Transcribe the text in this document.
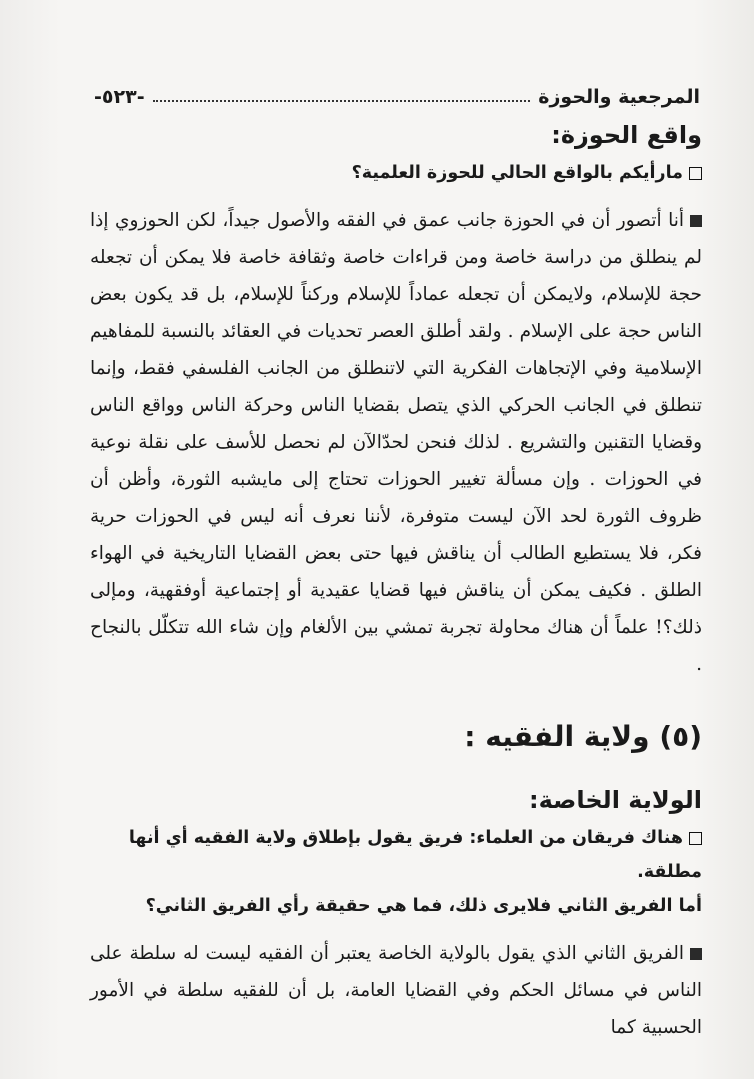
المرجعية والحوزة
-٥٢٣-
واقع الحوزة:

مارأيكم بالواقع الحالي للحوزة العلمية؟

أنا أتصور أن في الحوزة جانب عمق في الفقه والأصول جيداً، لكن الحوزوي إذا لم ينطلق من دراسة خاصة ومن قراءات خاصة وثقافة خاصة فلا يمكن أن تجعله حجة للإسلام، ولايمكن أن تجعله عماداً للإسلام وركناً للإسلام، بل قد يكون بعض الناس حجة على الإسلام . ولقد أطلق العصر تحديات في العقائد بالنسبة للمفاهيم الإسلامية وفي الإتجاهات الفكرية التي لاتنطلق من الجانب الفلسفي فقط، وإنما تنطلق في الجانب الحركي الذي يتصل بقضايا الناس وحركة الناس وواقع الناس وقضايا التقنين والتشريع . لذلك فنحن لحدّالآن لم نحصل للأسف على نقلة نوعية في الحوزات . وإن مسألة تغيير الحوزات تحتاج إلى مايشبه الثورة، وأظن أن ظروف الثورة لحد الآن ليست متوفرة، لأننا نعرف أنه ليس في الحوزات حرية فكر، فلا يستطيع الطالب أن يناقش فيها حتى بعض القضايا التاريخية في الهواء الطلق . فكيف يمكن أن يناقش فيها قضايا عقيدية أو إجتماعية أوفقهية، ومإلى ذلك؟! علماً أن هناك محاولة تجربة تمشي بين الألغام وإن شاء الله تتكلّل بالنجاح .

(٥) ولاية الفقيه :
الولاية الخاصة:

هناك فريقان من العلماء: فريق يقول بإطلاق ولاية الفقيه أي أنها مطلقة.

أما الفريق الثاني فلايرى ذلك، فما هي حقيقة رأي الفريق الثاني؟

الفريق الثاني الذي يقول بالولاية الخاصة يعتبر أن الفقيه ليست له سلطة على الناس في مسائل الحكم وفي القضايا العامة، بل أن للفقيه سلطة في الأمور الحسبية كما
